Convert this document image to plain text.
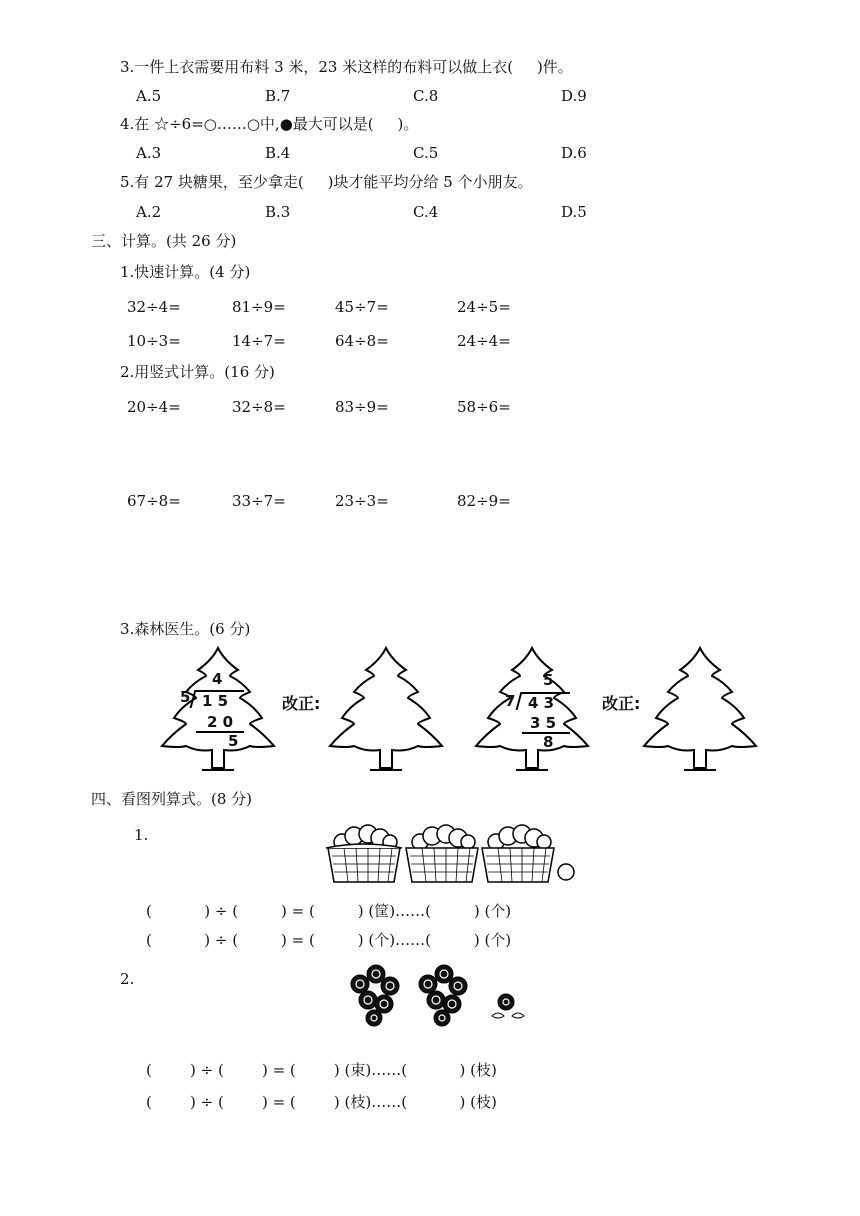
3.一件上衣需要用布料 3 米，23 米这样的布料可以做上衣(     )件。
A.5	B.7	C.8	D.9
4.在 ☆÷6=○……○中,●最大可以是(     )。
A.3	B.4	C.5	D.6
5.有 27 块糖果，至少拿走(     )块才能平均分给 5 个小朋友。
A.2	B.3	C.4	D.5
三、计算。(共 26 分)
1.快速计算。(4 分)
32÷4=	81÷9=	45÷7=	24÷5=
10÷3=	14÷7=	64÷8=	24÷4=
2.用竖式计算。(16 分)
20÷4=	32÷8=	83÷9=	58÷6=
67÷8=	33÷7=	23÷3=	82÷9=
3.森林医生。(6 分)
4
5 1 5
2 0
5
改正:
5
7 4 3
3 5
8
改正:
四、看图列算式。(8 分)
1.
(           ) ÷ (         ) = (         ) (筐)……(         ) (个)
(           ) ÷ (         ) = (         ) (个)……(         ) (个)
2.
(        ) ÷ (        ) = (        ) (束)……(           ) (枝)
(        ) ÷ (        ) = (        ) (枝)……(           ) (枝)
